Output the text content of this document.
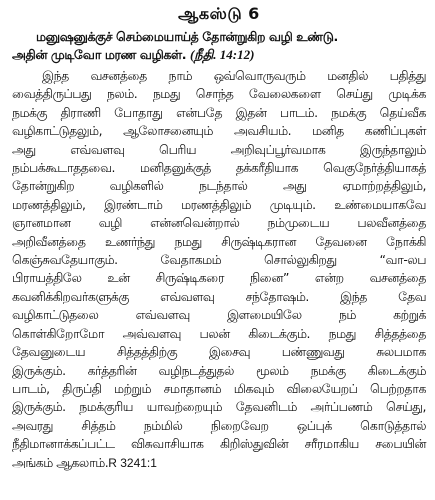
ஆகஸ்டு 6
மனுஷனுக்குச் செம்மையாய்த் தோன்றுகிற வழி உண்டு.
அதின் முடிவோ மரண வழிகள். (நீதி. 14:12)
இந்த வசனத்தை நாம் ஒவ்வொருவரும் மனதில் பதித்து
வைத்திருப்பது நலம். நமது சொந்த வேலைகளை செய்து முடிக்க
நமக்கு திராணி போதாது என்பதே இதன் பாடம். நமக்கு தெய்வீக
வழிகாட்டுதலும், ஆலோசனையும் அவசியம். மனித கணிப்புகள்
அது	எவ்வளவு	பெரிய	அறிவுப்பூர்வமாக	இருந்தாலும்
நம்பக்கூடாததவை. மனிதனுக்குத் தக்கரீதியாக வெகுநேர்த்தியாகத்
தோன்றுகிற	வழிகளில்	நடந்தால்	அது	ஏமாற்றத்திலும்,
மரணத்திலும், இரண்டாம் மரணத்திலும் முடியும். உண்மையாகவே
ஞானமான வழி என்னவென்றால் நம்முடைய பலவீனத்தை
அறிவீனத்தை உணர்ந்து நமது சிருஷ்டிகரான தேவனை நோக்கி
கெஞ்சுவதேயாகும்.	வேதாகமம்	சொல்லுகிறது	“வா-லப
பிராயத்திலே உன் சிருஷ்டிகரை நினை” என்ற வசனத்தை
கவனிக்கிறவர்களுக்கு	எவ்வளவு	சந்தோஷம்.	இந்த	தேவ
வழிகாட்டுதலை	எவ்வளவு	இளமையிலே	நம்	கற்றுக்
கொள்கிறோமோ அவ்வளவு பலன் கிடைக்கும். நமது சித்தத்தை
தேவனுடைய	சித்தத்திற்கு	இசைவு	பண்ணுவது	சுலபமாக
இருக்கும். கர்த்தரின் வழிநடத்துதல் மூலம் நமக்கு கிடைக்கும்
பாடம், திருப்தி மற்றும் சமாதானம் மிகவும் விலையேறப் பெற்றதாக
இருக்கும். நமக்குரிய யாவற்றையும் தேவனிடம் அர்ப்பணம் செய்து,
அவரது சித்தம் நம்மில் நிறைவேற ஒப்புக் கொடுத்தால்
நீதிமானாக்கப்பட்ட விசுவாசியாக கிறிஸ்துவின் சரீரமாகிய சபையின்
அங்கம் ஆகலாம். R 3241:1
